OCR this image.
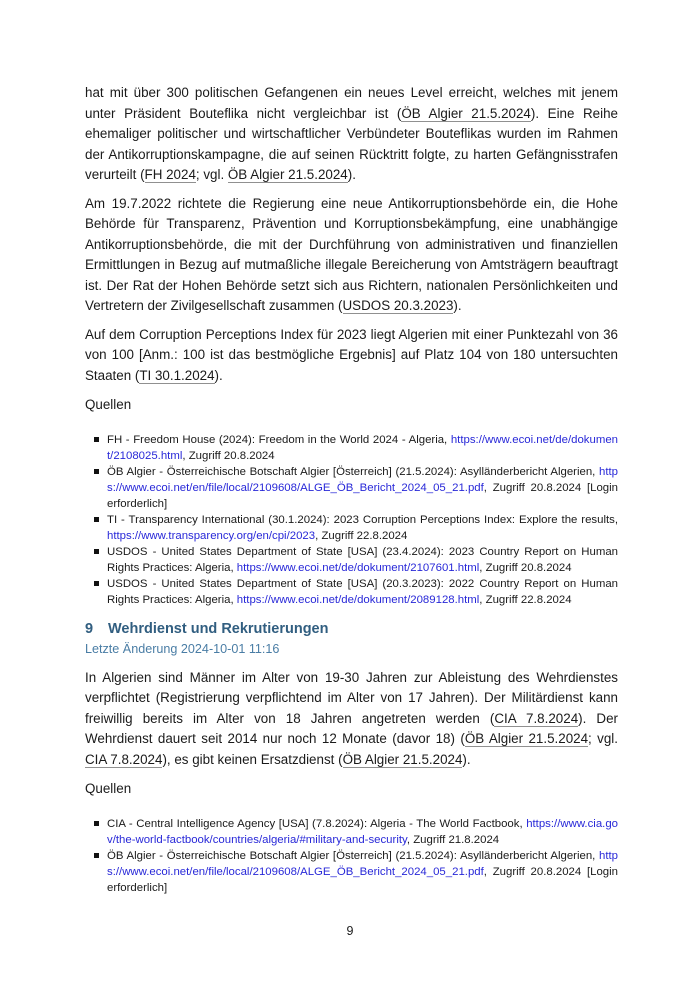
hat mit über 300 politischen Gefangenen ein neues Level erreicht, welches mit jenem unter Präsident Bouteflika nicht vergleichbar ist (ÖB Algier 21.5.2024). Eine Reihe ehemaliger politischer und wirtschaftlicher Verbündeter Bouteflikas wurden im Rahmen der Antikorruptionskampagne, die auf seinen Rücktritt folgte, zu harten Gefängnisstrafen verurteilt (FH 2024; vgl. ÖB Algier 21.5.2024).

Am 19.7.2022 richtete die Regierung eine neue Antikorruptionsbehörde ein, die Hohe Behörde für Transparenz, Prävention und Korruptionsbekämpfung, eine unabhängige Antikorruptionsbehörde, die mit der Durchführung von administrativen und finanziellen Ermittlungen in Bezug auf mutmaßliche illegale Bereicherung von Amtsträgern beauftragt ist. Der Rat der Hohen Behörde setzt sich aus Richtern, nationalen Persönlichkeiten und Vertretern der Zivilgesellschaft zusammen (USDOS 20.3.2023).

Auf dem Corruption Perceptions Index für 2023 liegt Algerien mit einer Punktezahl von 36 von 100 [Anm.: 100 ist das bestmögliche Ergebnis] auf Platz 104 von 180 untersuchten Staaten (TI 30.1.2024).

Quellen

FH - Freedom House (2024): Freedom in the World 2024 - Algeria, https://www.ecoi.net/de/dokument/2108025.html, Zugriff 20.8.2024
ÖB Algier - Österreichische Botschaft Algier [Österreich] (21.5.2024): Asylländerbericht Algerien, https://www.ecoi.net/en/file/local/2109608/ALGE_ÖB_Bericht_2024_05_21.pdf, Zugriff 20.8.2024 [Login erforderlich]
TI - Transparency International (30.1.2024): 2023 Corruption Perceptions Index: Explore the results, https://www.transparency.org/en/cpi/2023, Zugriff 22.8.2024
USDOS - United States Department of State [USA] (23.4.2024): 2023 Country Report on Human Rights Practices: Algeria, https://www.ecoi.net/de/dokument/2107601.html, Zugriff 20.8.2024
USDOS - United States Department of State [USA] (20.3.2023): 2022 Country Report on Human Rights Practices: Algeria, https://www.ecoi.net/de/dokument/2089128.html, Zugriff 22.8.2024
9 Wehrdienst und Rekrutierungen

Letzte Änderung 2024-10-01 11:16

In Algerien sind Männer im Alter von 19-30 Jahren zur Ableistung des Wehrdienstes verpflichtet (Registrierung verpflichtend im Alter von 17 Jahren). Der Militärdienst kann freiwillig bereits im Alter von 18 Jahren angetreten werden (CIA 7.8.2024). Der Wehrdienst dauert seit 2014 nur noch 12 Monate (davor 18) (ÖB Algier 21.5.2024; vgl. CIA 7.8.2024), es gibt keinen Ersatzdienst (ÖB Algier 21.5.2024).

Quellen

CIA - Central Intelligence Agency [USA] (7.8.2024): Algeria - The World Factbook, https://www.cia.gov/the-world-factbook/countries/algeria/#military-and-security, Zugriff 21.8.2024
ÖB Algier - Österreichische Botschaft Algier [Österreich] (21.5.2024): Asylländerbericht Algerien, https://www.ecoi.net/en/file/local/2109608/ALGE_ÖB_Bericht_2024_05_21.pdf, Zugriff 20.8.2024 [Login erforderlich]
9
